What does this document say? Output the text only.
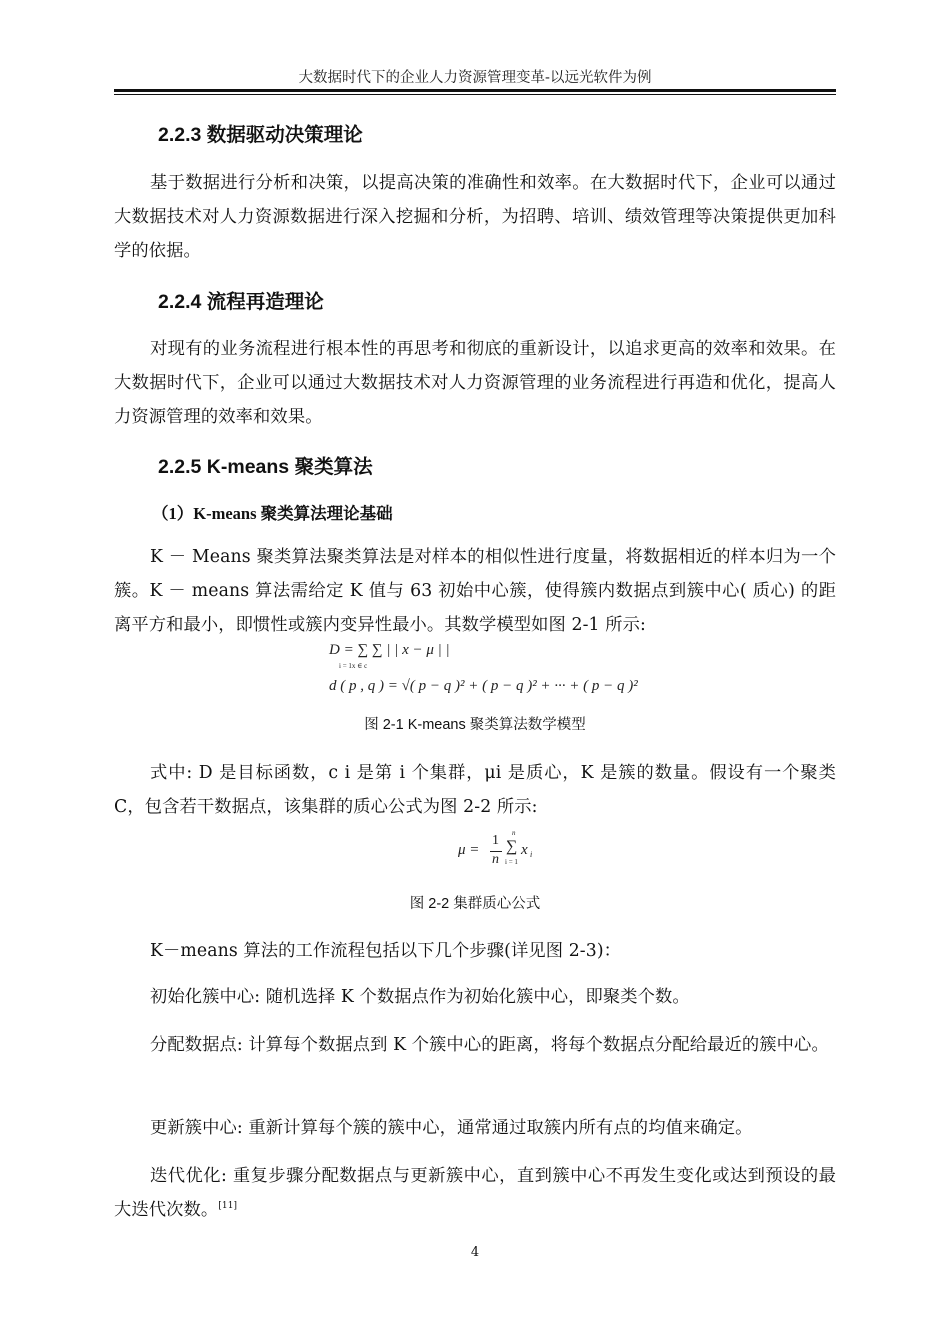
大数据时代下的企业人力资源管理变革-以远光软件为例
2.2.3 数据驱动决策理论

基于数据进行分析和决策，以提高决策的准确性和效率。在大数据时代下，企业可以通过大数据技术对人力资源数据进行深入挖掘和分析，为招聘、培训、绩效管理等决策提供更加科学的依据。

2.2.4 流程再造理论

对现有的业务流程进行根本性的再思考和彻底的重新设计，以追求更高的效率和效果。在大数据时代下，企业可以通过大数据技术对人力资源管理的业务流程进行再造和优化，提高人力资源管理的效率和效果。

2.2.5 K-means 聚类算法
（1）K-means 聚类算法理论基础

K － Means 聚类算法聚类算法是对样本的相似性进行度量，将数据相近的样本归为一个簇。K － means 算法需给定 K 值与 63 初始中心簇，使得簇内数据点到簇中心( 质心) 的距离平方和最小，即惯性或簇内变异性最小。其数学模型如图 2-1 所示:

D = ∑ ∑ | | x − μ | |
i = 1x ∈ c
d ( p , q ) = √( p − q )² + ( p − q )² + ··· + ( p − q )²
图 2-1 K-means 聚类算法数学模型

式中: D 是目标函数，c i 是第 i 个集群，μi 是质心，K 是簇的数量。假设有一个聚类 C，包含若干数据点，该集群的质心公式为图 2-2 所示:

μ =
1
n
n
∑
i = 1
x i
图 2-2 集群质心公式

K－means 算法的工作流程包括以下几个步骤(详见图 2-3)：

初始化簇中心: 随机选择 K 个数据点作为初始化簇中心，即聚类个数。

分配数据点: 计算每个数据点到 K 个簇中心的距离，将每个数据点分配给最近的簇中心。

更新簇中心: 重新计算每个簇的簇中心，通常通过取簇内所有点的均值来确定。

迭代优化: 重复步骤分配数据点与更新簇中心，直到簇中心不再发生变化或达到预设的最大迭代次数。[11]

4
